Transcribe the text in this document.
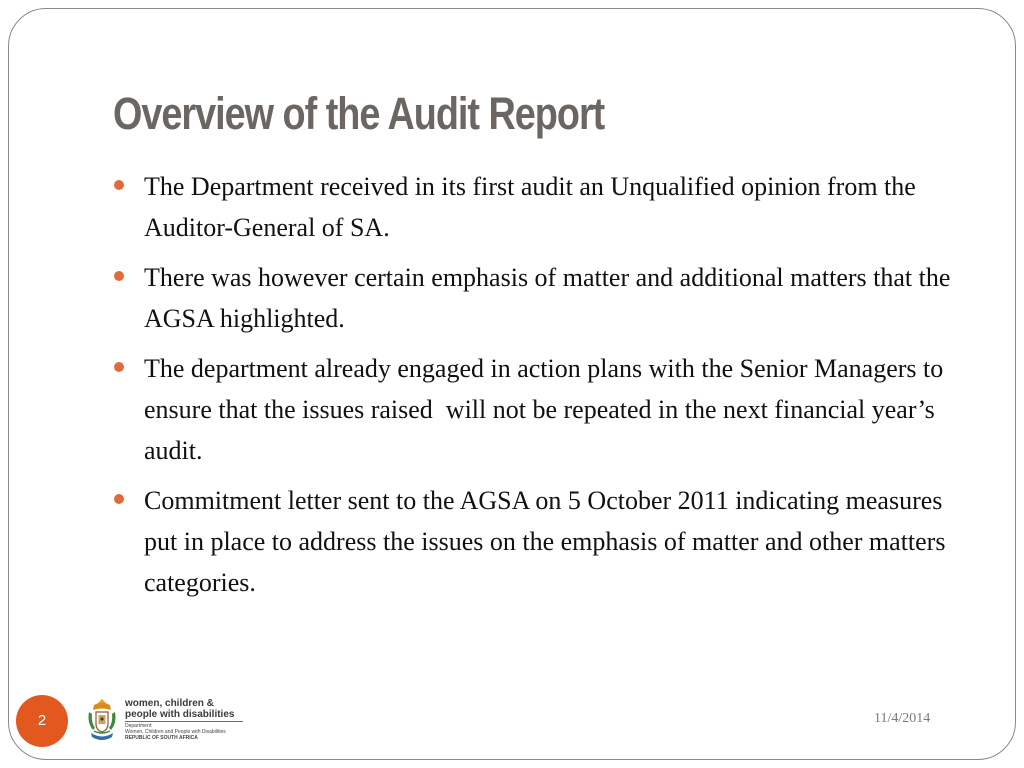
Overview of the Audit Report
The Department received in its first audit an Unqualified opinion from the Auditor-General of SA.
There was however certain emphasis of matter and additional matters that the AGSA highlighted.
The department already engaged in action plans with the Senior Managers to ensure that the issues raised  will not be repeated in the next financial year’s audit.
Commitment letter sent to the AGSA on 5 October 2011 indicating measures put in place to address the issues on the emphasis of matter and other matters categories.
2
women, children &
people with disabilities
Department:
Women, Children and People with Disabilities
REPUBLIC OF SOUTH AFRICA
11/4/2014
